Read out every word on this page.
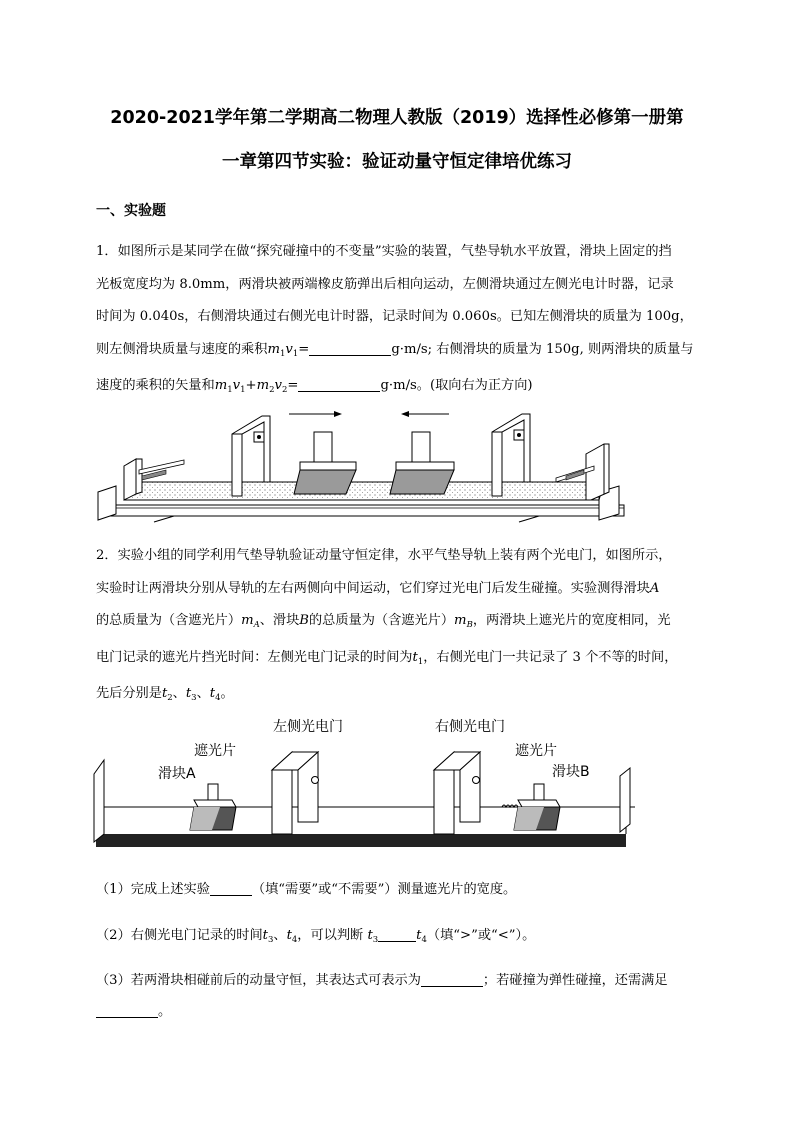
2020-2021学年第二学期高二物理人教版（2019）选择性必修第一册第
一章第四节实验：验证动量守恒定律培优练习
一、实验题

1．如图所示是某同学在做“探究碰撞中的不变量”实验的装置，气垫导轨水平放置，滑块上固定的挡

光板宽度均为 8.0mm，两滑块被两端橡皮筋弹出后相向运动，左侧滑块通过左侧光电计时器，记录

时间为 0.040s，右侧滑块通过右侧光电计时器，记录时间为 0.060s。已知左侧滑块的质量为 100g，

则左侧滑块质量与速度的乘积$m_1v_1=$	g·m/s; 右侧滑块的质量为 150g, 则两滑块的质量与

速度的乘积的矢量和$m_1v_1+m_2v_2=$	g·m/s。(取向右为正方向)

2．实验小组的同学利用气垫导轨验证动量守恒定律，水平气垫导轨上装有两个光电门，如图所示，

实验时让两滑块分别从导轨的左右两侧向中间运动，它们穿过光电门后发生碰撞。实验测得滑块A

的总质量为（含遮光片）$m_A$、滑块B的总质量为（含遮光片）$m_B$，两滑块上遮光片的宽度相同，光

电门记录的遮光片挡光时间：左侧光电门记录的时间为$t_1$，右侧光电门一共记录了 3 个不等的时间，

先后分别是$t_2$、$t_3$、$t_4$。

左侧光电门	右侧光电门
遮光片	遮光片
滑块A	滑块B
（1）完成上述实验	（填“需要”或“不需要”）测量遮光片的宽度。
（2）右侧光电门记录的时间$t_3$、$t_4$，可以判断 $t_3$	$t_4$（填“>”或“<”）。
（3）若两滑块相碰前后的动量守恒，其表达式可表示为	；若碰撞为弹性碰撞，还需满足
。
